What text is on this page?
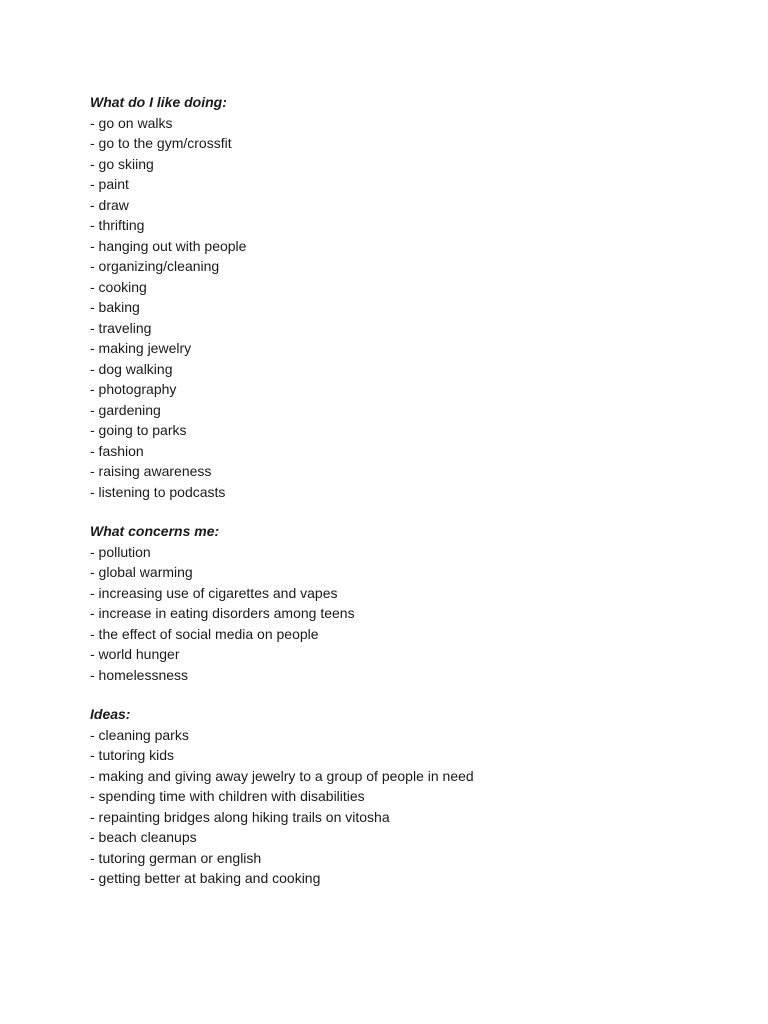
What do I like doing:
- go on walks
- go to the gym/crossfit
- go skiing
- paint
- draw
- thrifting
- hanging out with people
- organizing/cleaning
- cooking
- baking
- traveling
- making jewelry
- dog walking
- photography
- gardening
- going to parks
- fashion
- raising awareness
- listening to podcasts
What concerns me:
- pollution
- global warming
- increasing use of cigarettes and vapes
- increase in eating disorders among teens
- the effect of social media on people
- world hunger
- homelessness
Ideas:
- cleaning parks
- tutoring kids
- making and giving away jewelry to a group of people in need
- spending time with children with disabilities
- repainting bridges along hiking trails on vitosha
- beach cleanups
- tutoring german or english
- getting better at baking and cooking
